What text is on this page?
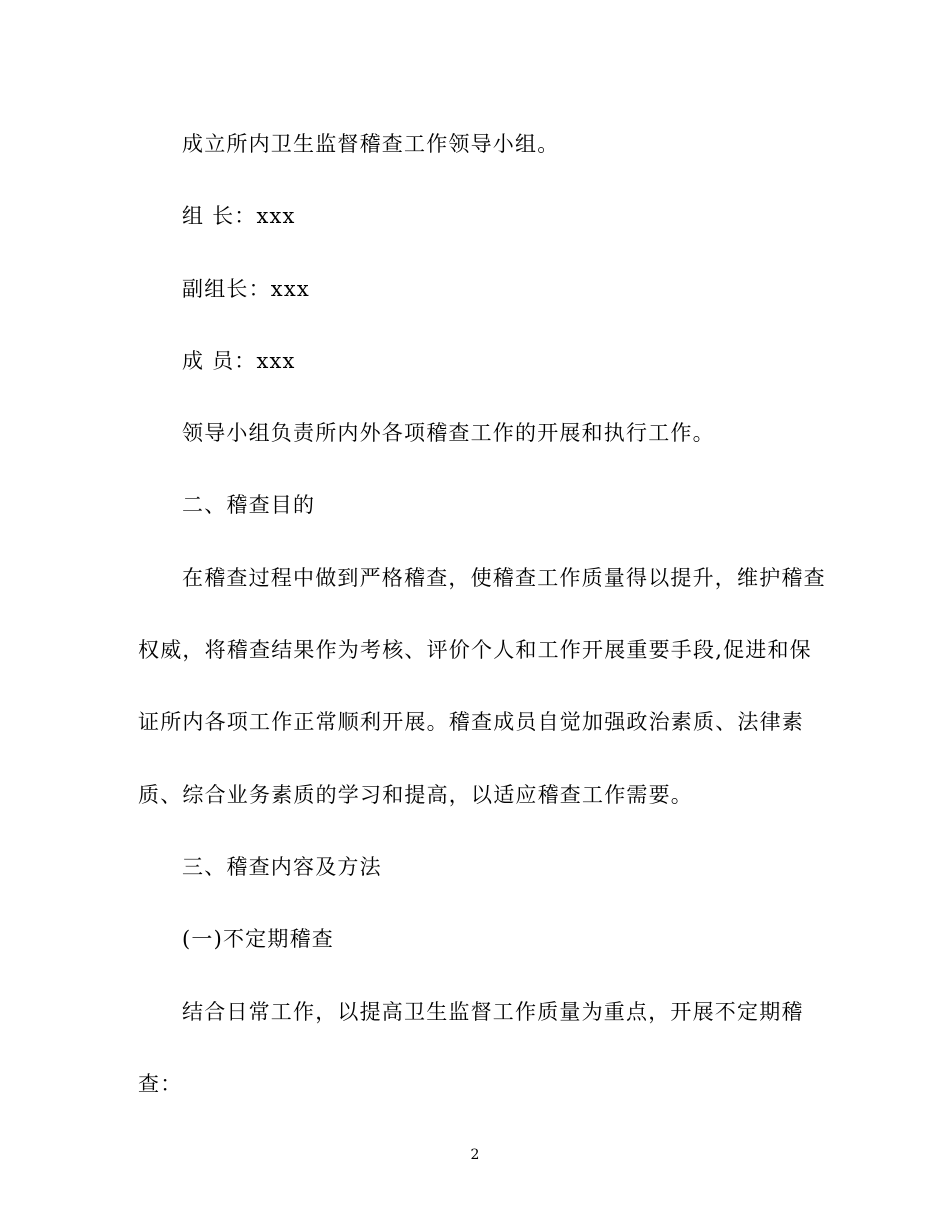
成立所内卫生监督稽查工作领导小组。
组 长：xxx
副组长：xxx
成 员：xxx
领导小组负责所内外各项稽查工作的开展和执行工作。
二、稽查目的
在稽查过程中做到严格稽查，使稽查工作质量得以提升，维护稽查
权威，将稽查结果作为考核、评价个人和工作开展重要手段,促进和保
证所内各项工作正常顺利开展。稽查成员自觉加强政治素质、法律素
质、综合业务素质的学习和提高，以适应稽查工作需要。
三、稽查内容及方法
(一)不定期稽查
结合日常工作，以提高卫生监督工作质量为重点，开展不定期稽
查：
2
